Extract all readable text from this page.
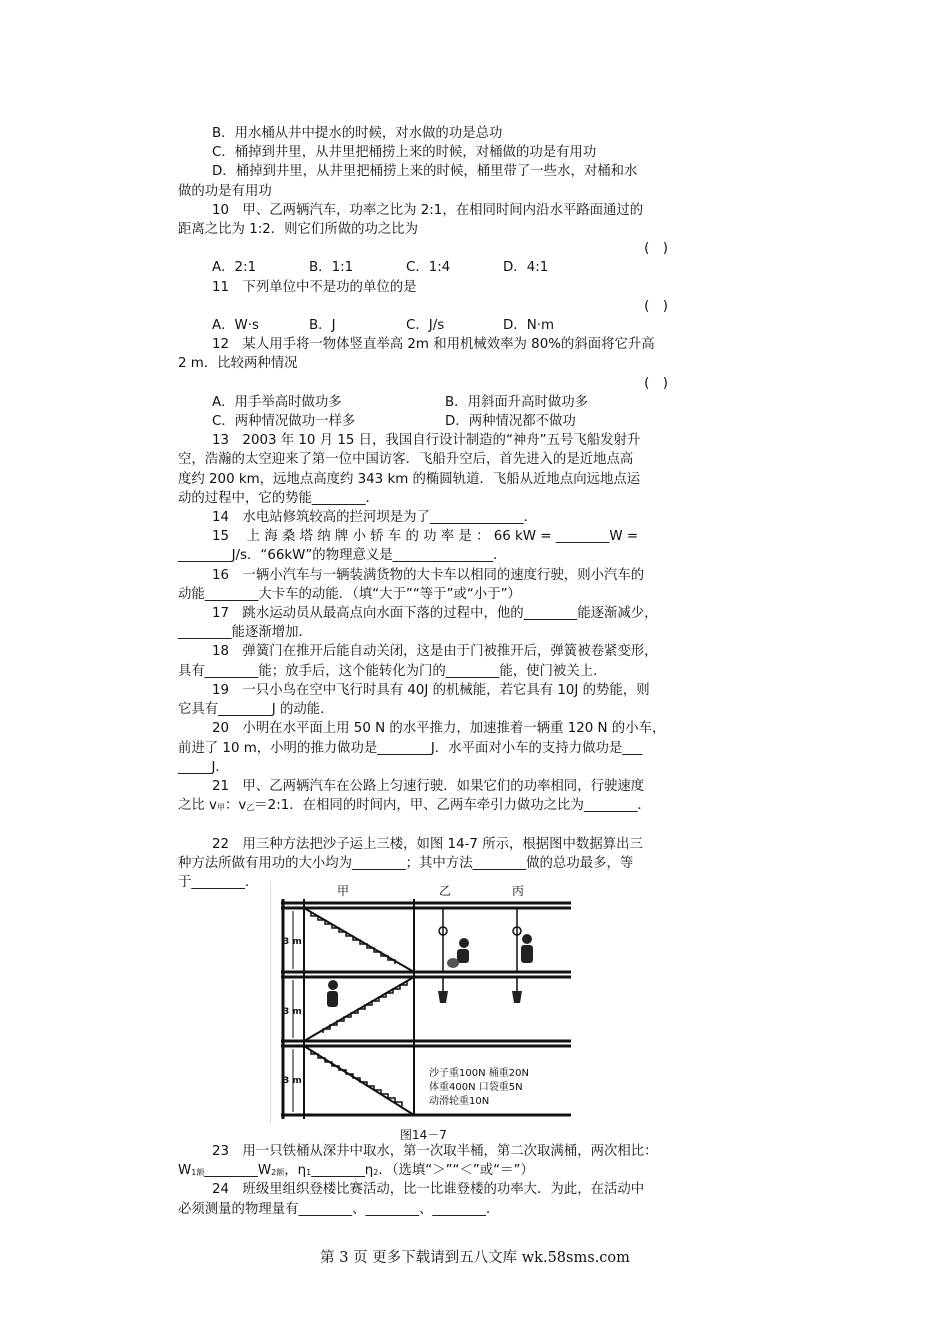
B．用水桶从井中提水的时候，对水做的功是总功
C．桶掉到井里，从井里把桶捞上来的时候，对桶做的功是有用功
D．桶掉到井里，从井里把桶捞上来的时候，桶里带了一些水，对桶和水
做的功是有用功
10　甲、乙两辆汽车，功率之比为 2:1，在相同时间内沿水平路面通过的
距离之比为 1:2．则它们所做的功之比为
(　)
A．2:1	B．1:1	C．1:4	D．4:1
11　下列单位中不是功的单位的是
(　)
A．W·s	B．J	C．J/s	D．N·m
12　某人用手将一物体竖直举高 2m 和用机械效率为 80%的斜面将它升高
2 m．比较两种情况
(　)
A．用手举高时做功多	B．用斜面升高时做功多
C．两种情况做功一样多	D．两种情况都不做功
13　2003 年 10 月 15 日，我国自行设计制造的“神舟”五号飞船发射升
空，浩瀚的太空迎来了第一位中国访客．飞船升空后，首先进入的是近地点高
度约 200 km，远地点高度约 343 km 的椭圆轨道．飞船从近地点向远地点运
动的过程中，它的势能________．
14　水电站修筑较高的拦河坝是为了______________．
15　 上 海 桑 塔 纳 牌 小 轿 车 的 功 率 是 ： 66 kW = ________W =
________J/s．“66kW”的物理意义是_______________．
16　一辆小汽车与一辆装满货物的大卡车以相同的速度行驶，则小汽车的
动能________大卡车的动能．（填“大于”“等于”或“小于”）
17　跳水运动员从最高点向水面下落的过程中，他的________能逐渐减少，
________能逐渐增加．
18　弹簧门在推开后能自动关闭，这是由于门被推开后，弹簧被卷紧变形，
具有________能；放手后，这个能转化为门的________能，使门被关上．
19　一只小鸟在空中飞行时具有 40J 的机械能，若它具有 10J 的势能，则
它具有________J 的动能．
20　小明在水平面上用 50 N 的水平推力，加速推着一辆重 120 N 的小车，
前进了 10 m，小明的推力做功是________J．水平面对小车的支持力做功是___
_____J．
21　甲、乙两辆汽车在公路上匀速行驶．如果它们的功率相同，行驶速度
之比 $v_甲$：$v_乙=2:1$．在相同的时间内，甲、乙两车牵引力做功之比为________．
22　用三种方法把沙子运上三楼，如图 14-7 所示，根据图中数据算出三
种方法所做有用功的大小均为________；其中方法________做的总功最多，等
于________．
甲	乙	丙
3 m
3 m
3 m
沙子重100N 桶重20N
体重400N 口袋重5N
动滑轮重10N
图14－7
23　用一只铁桶从深井中取水，第一次取半桶，第二次取满桶，两次相比：
$W_{1额}\_\_\_\_\_\_\_\_W_{2额}$，$\eta_1\_\_\_\_\_\_\_\_\eta_2$．（选填“＞”“＜”或“＝”）
24　班级里组织登楼比赛活动，比一比谁登楼的功率大．为此，在活动中
必须测量的物理量有________、________、________．
第 3 页 更多下载请到五八文库 wk.58sms.com
